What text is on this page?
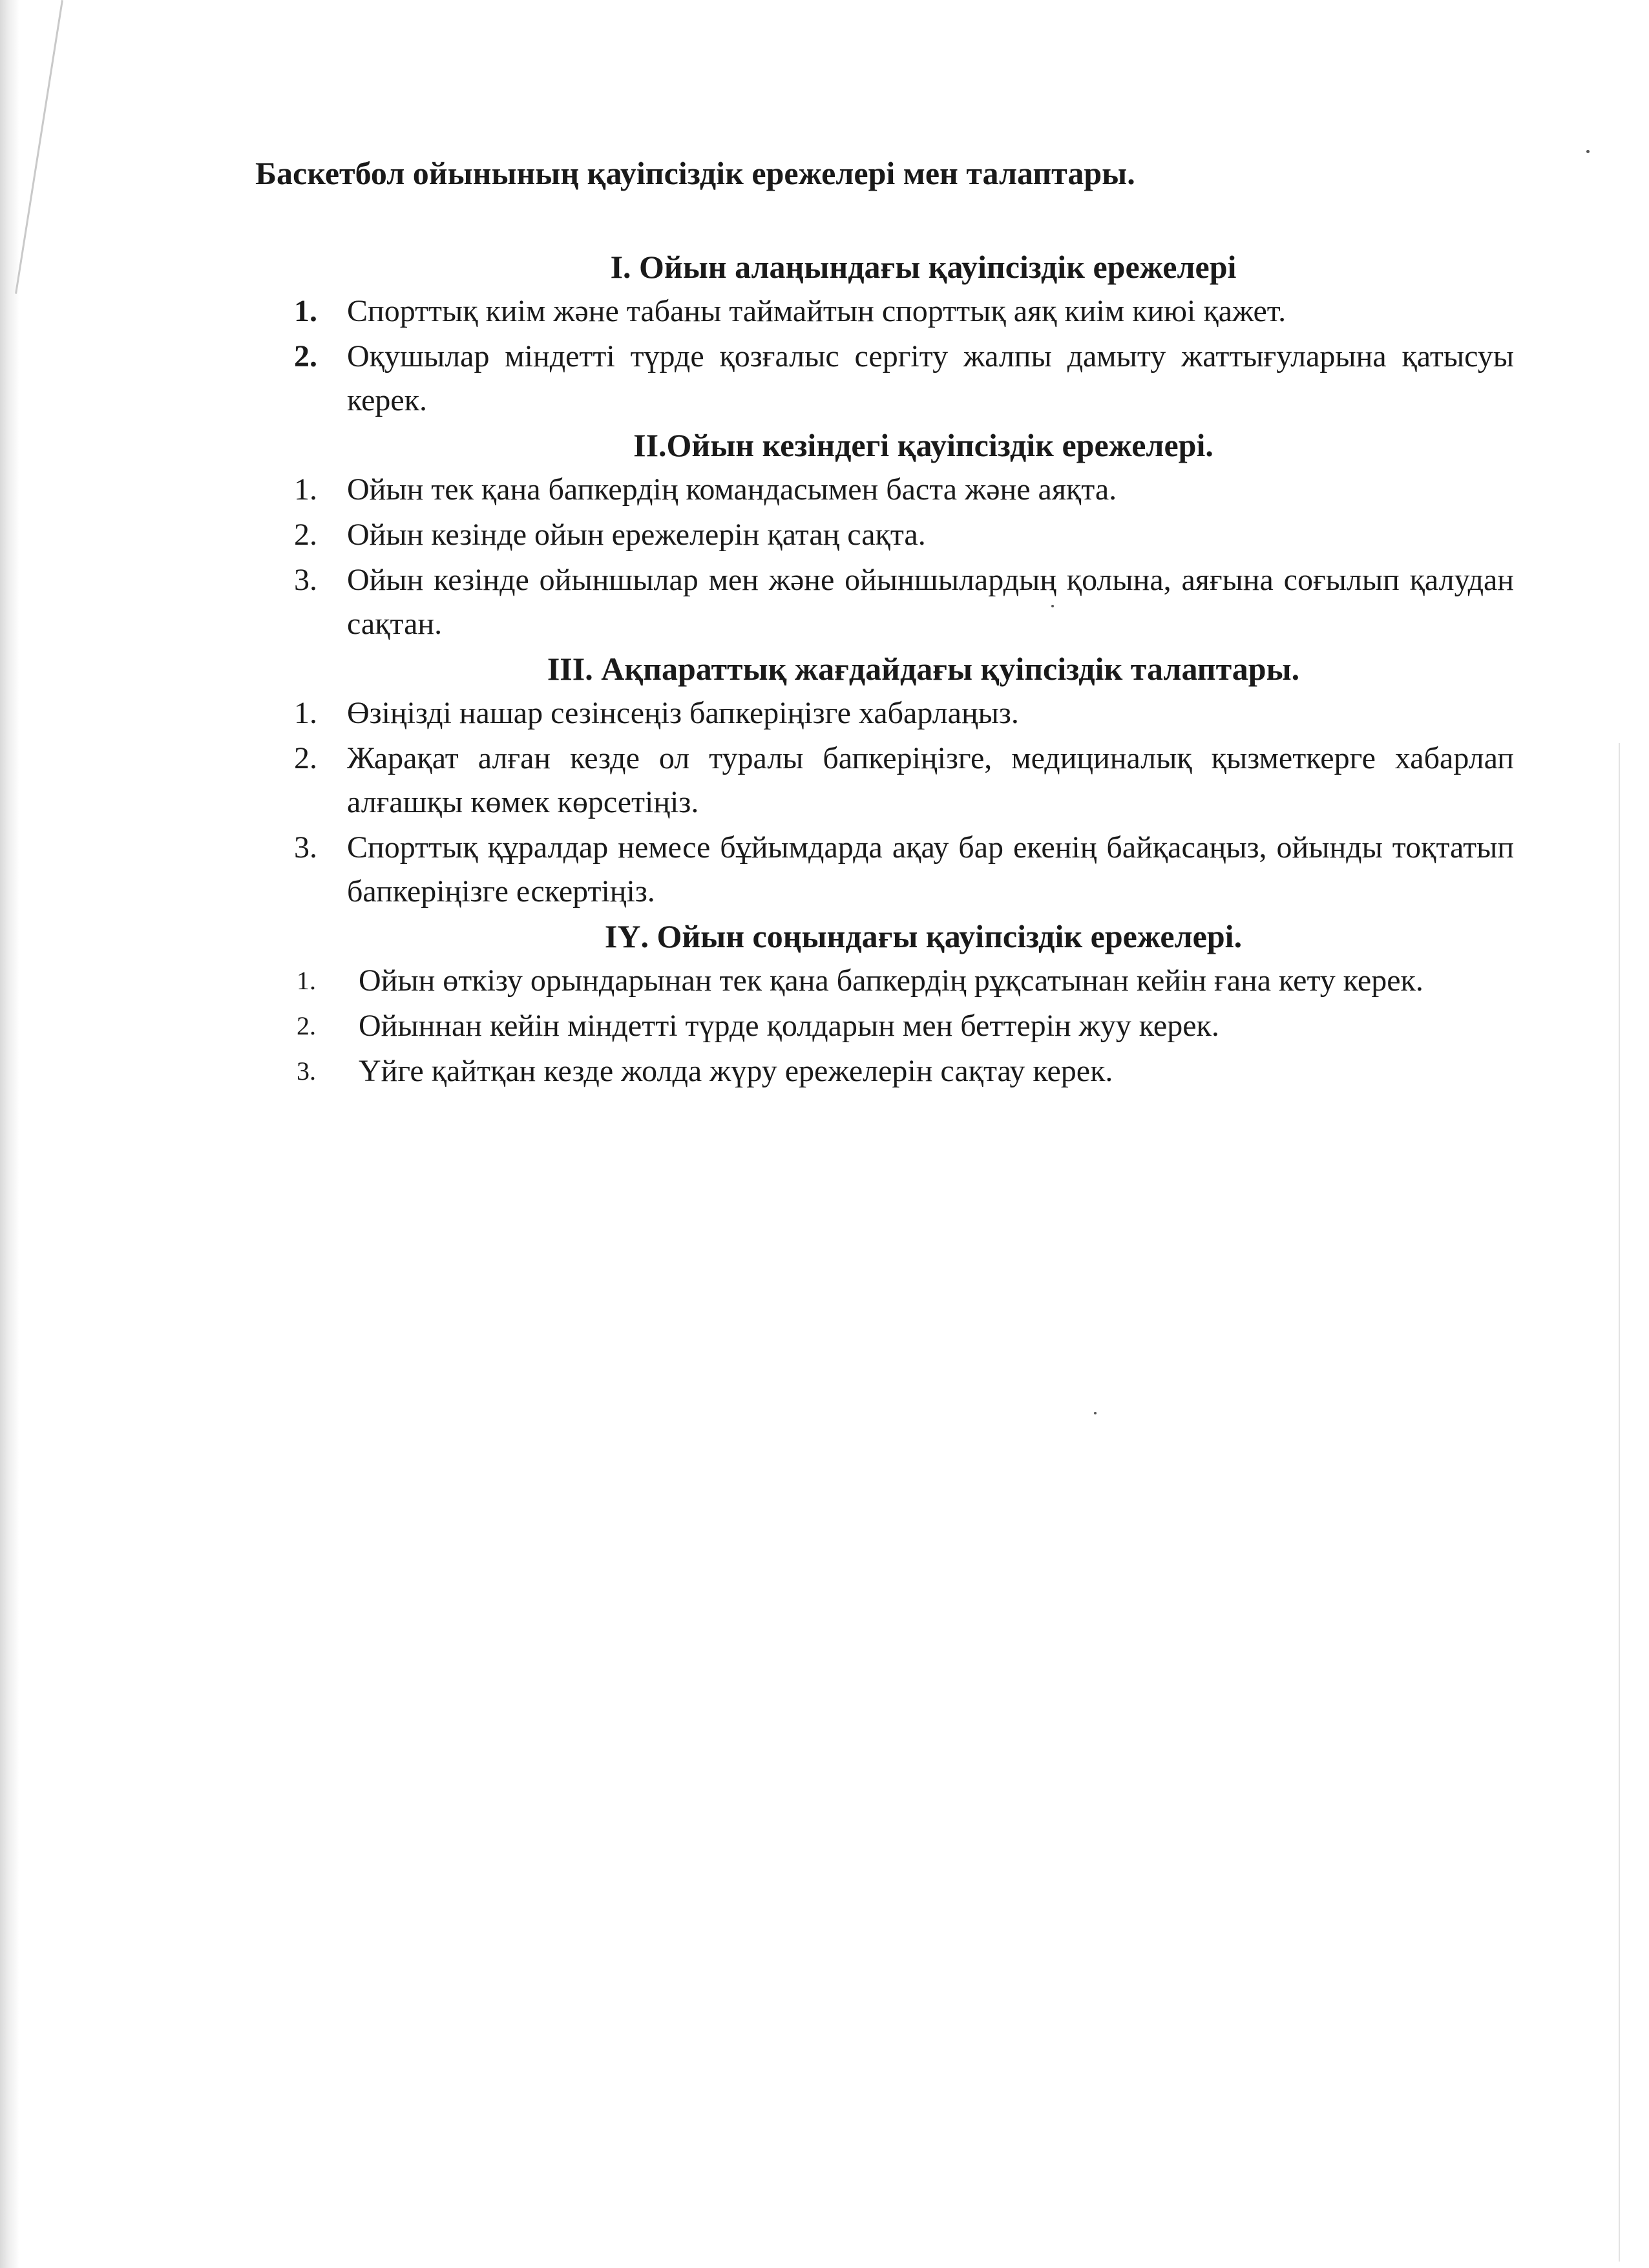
Баскетбол ойынының қауіпсіздік ережелері мен талаптары.
І. Ойын алаңындағы қауіпсіздік ережелері
1. Спорттық киім және табаны таймайтын спорттық аяқ киім киюі қажет.
2. Оқушылар міндетті түрде қозғалыс сергіту жалпы дамыту жаттығуларына қатысуы керек.
ІІ.Ойын кезіндегі қауіпсіздік ережелері.
1. Ойын тек қана бапкердің командасымен баста және аяқта.
2. Ойын кезінде ойын ережелерін қатаң сақта.
3. Ойын кезінде ойыншылар мен және ойыншылардың қолына, аяғына соғылып қалудан сақтан.
ІІІ. Ақпараттық жағдайдағы қуіпсіздік талаптары.
1. Өзіңізді нашар сезінсеңіз бапкеріңізге хабарлаңыз.
2. Жарақат алған кезде ол туралы бапкеріңізге, медициналық қызметкерге хабарлап алғашқы көмек көрсетіңіз.
3. Спорттық құралдар немесе бұйымдарда ақау бар екенің байқасаңыз, ойынды тоқтатып бапкеріңізге ескертіңіз.
ІҮ. Ойын соңындағы қауіпсіздік ережелері.
1.	Ойын өткізу орындарынан тек қана бапкердің рұқсатынан кейін ғана кету керек.
2.	Ойыннан кейін міндетті түрде қолдарын мен беттерін жуу керек.
3.	Үйге қайтқан кезде жолда жүру ережелерін сақтау керек.
